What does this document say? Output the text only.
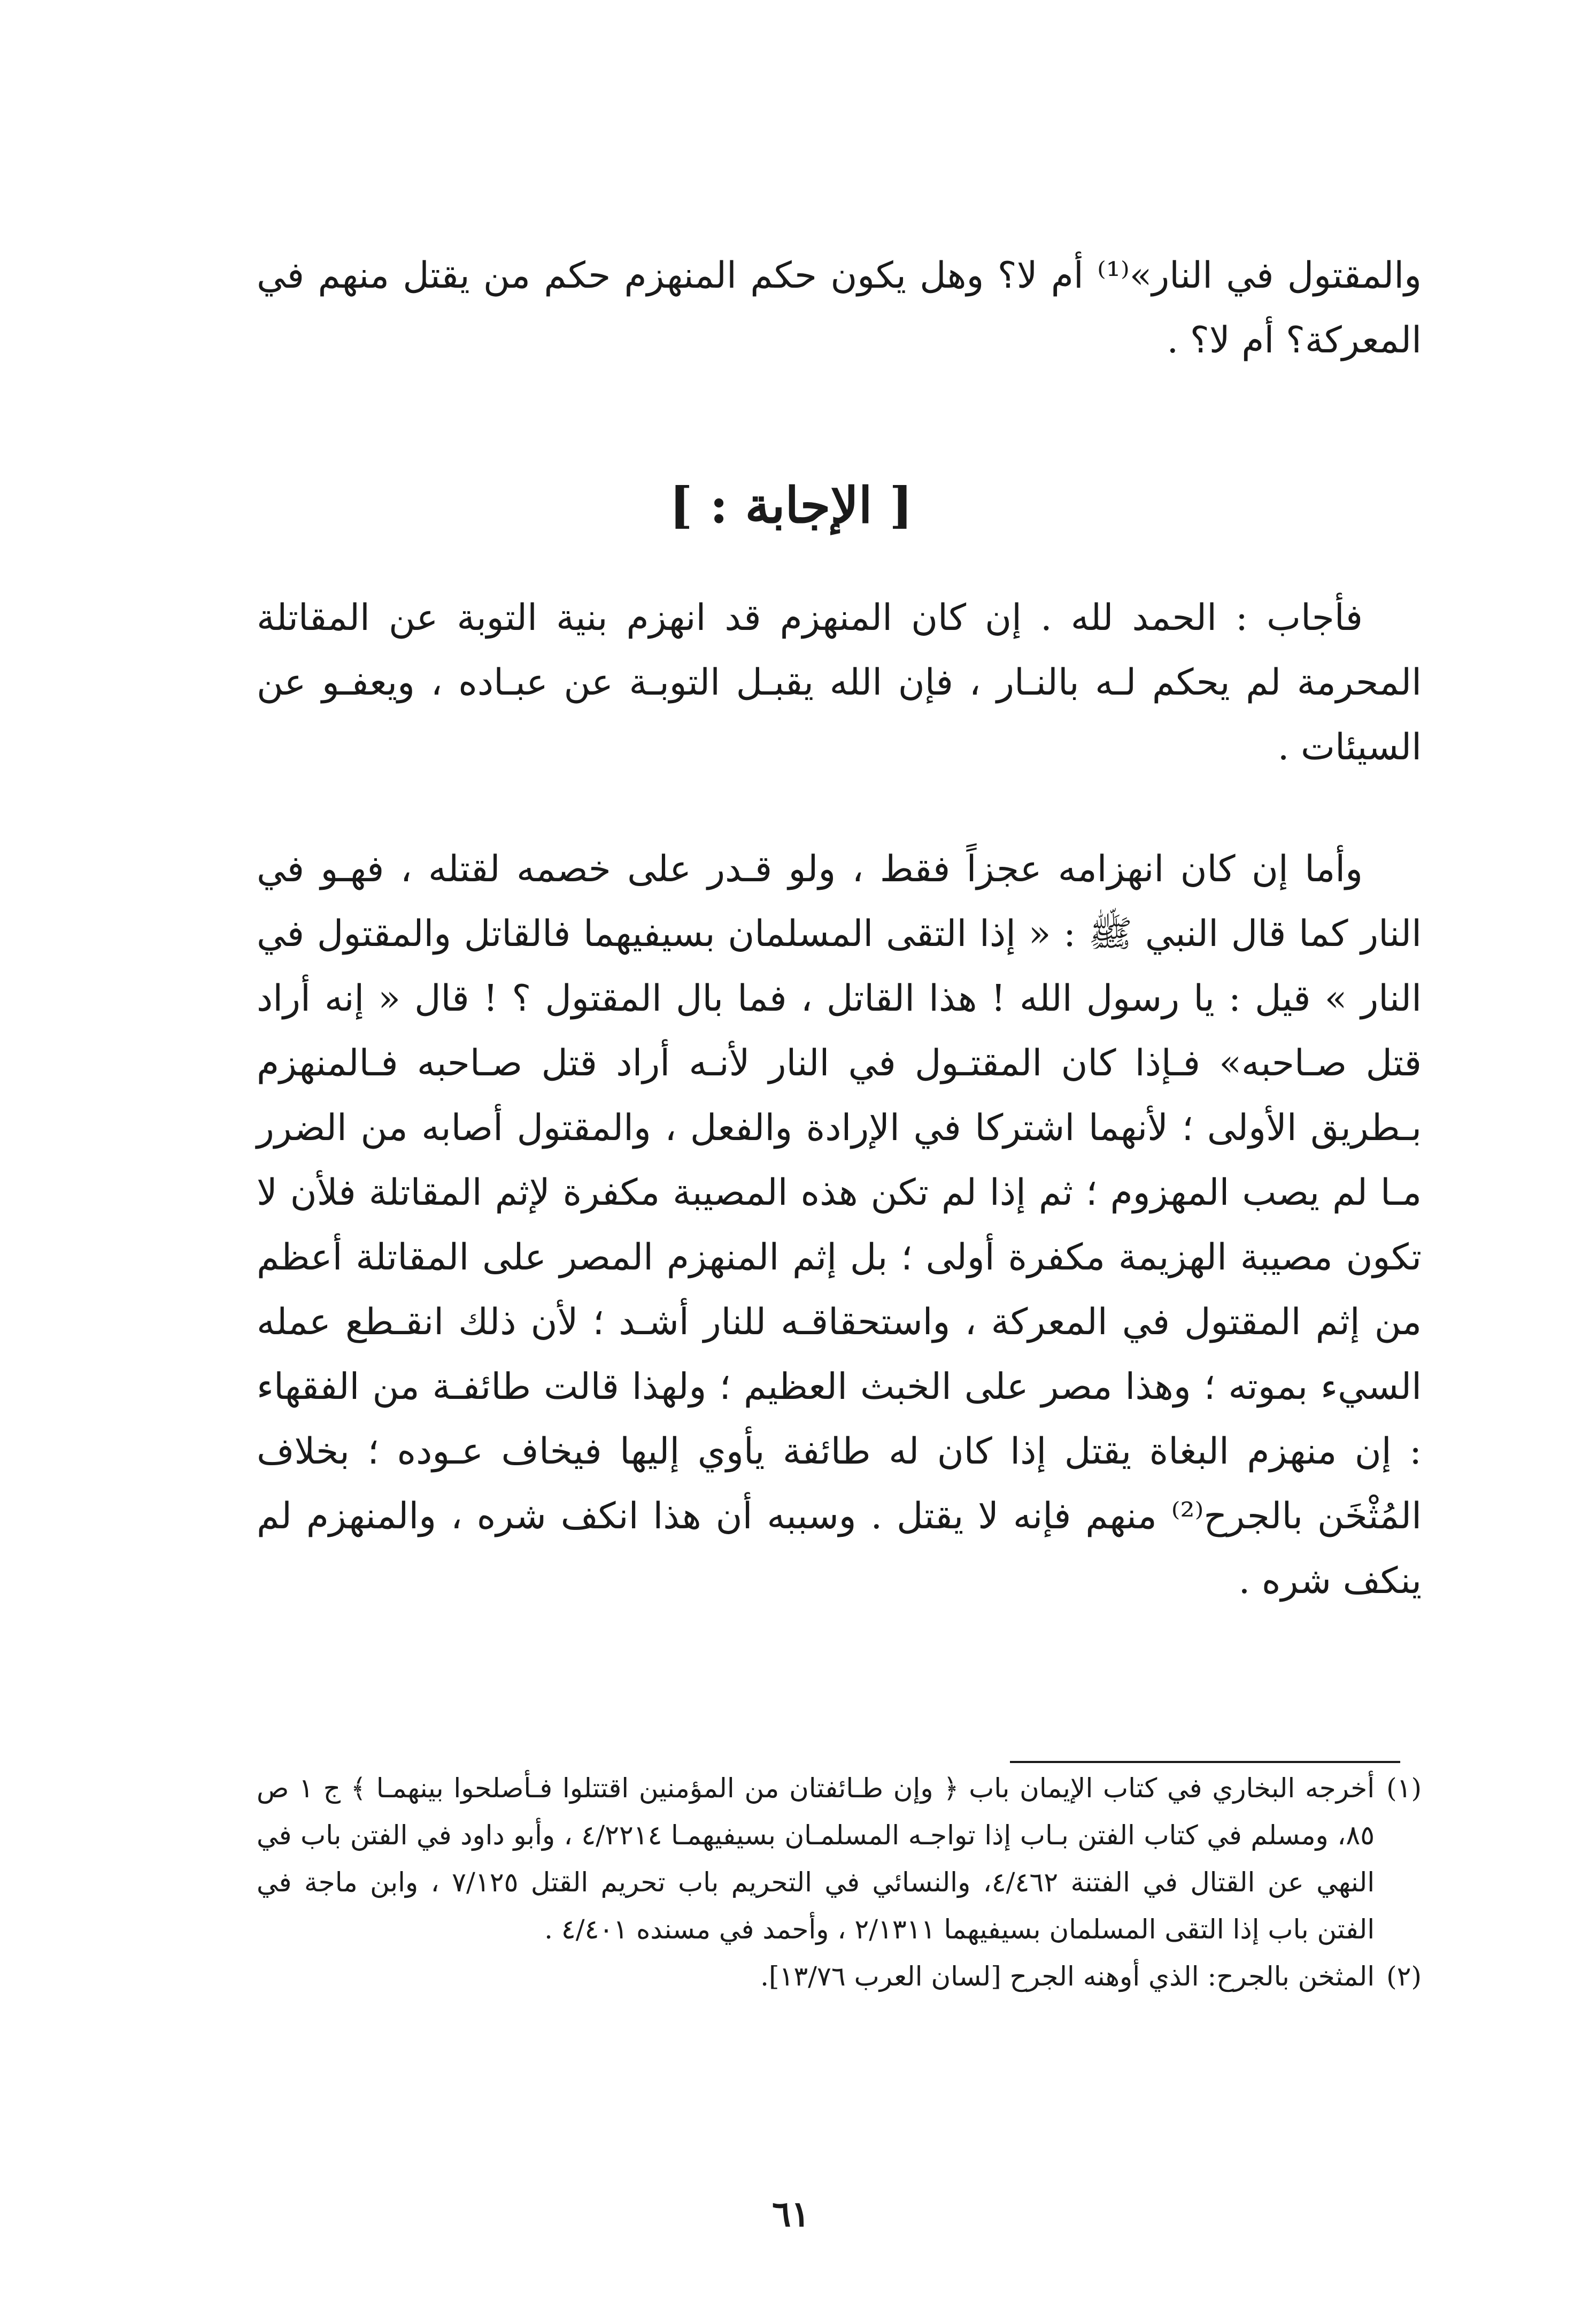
والمقتول في النار»⁽¹⁾ أم لا؟ وهل يكون حكم المنهزم حكم من يقتل منهم في المعركة؟ أم لا؟ .

[ الإجابة : ]

فأجاب : الحمد لله . إن كان المنهزم قد انهزم بنية التوبة عن المقاتلة المحرمة لم يحكم لـه بالنـار ، فإن الله يقبـل التوبـة عن عبـاده ، ويعفـو عن السيئات .

وأما إن كان انهزامه عجزاً فقط ، ولو قـدر على خصمه لقتله ، فهـو في النار كما قال النبي ﷺ : « إذا التقى المسلمان بسيفيهما فالقاتل والمقتول في النار » قيل : يا رسول الله ! هذا القاتل ، فما بال المقتول ؟ ! قال « إنه أراد قتل صـاحبه» فـإذا كان المقتـول في النار لأنـه أراد قتل صـاحبه فـالمنهزم بـطريق الأولى ؛ لأنهما اشتركا في الإرادة والفعل ، والمقتول أصابه من الضرر مـا لم يصب المهزوم ؛ ثم إذا لم تكن هذه المصيبة مكفرة لإثم المقاتلة فلأن لا تكون مصيبة الهزيمة مكفرة أولى ؛ بل إثم المنهزم المصر على المقاتلة أعظم من إثم المقتول في المعركة ، واستحقاقـه للنار أشـد ؛ لأن ذلك انقـطع عمله السيء بموته ؛ وهذا مصر على الخبث العظيم ؛ ولهذا قالت طائفـة من الفقهاء : إن منهزم البغاة يقتل إذا كان له طائفة يأوي إليها فيخاف عـوده ؛ بخلاف المُثْخَن بالجرح⁽²⁾ منهم فإنه لا يقتل . وسببه أن هذا انكف شره ، والمنهزم لم ينكف شره .

(١)
أخرجه البخاري في كتاب الإيمان باب ﴿ وإن طـائفتان من المؤمنين اقتتلوا فـأصلحوا بينهمـا ﴾ ج ١ ص ٨٥، ومسلم في كتاب الفتن بـاب إذا تواجـه المسلمـان بسيفيهمـا ٤/٢٢١٤ ، وأبو داود في الفتن باب في النهي عن القتال في الفتنة ٤/٤٦٢، والنسائي في التحريم باب تحريم القتل ٧/١٢٥ ، وابن ماجة في الفتن باب إذا التقى المسلمان بسيفيهما ٢/١٣١١ ، وأحمد في مسنده ٤/٤٠١ .
(٢)
المثخن بالجرح: الذي أوهنه الجرح [لسان العرب ١٣/٧٦].
٦١
